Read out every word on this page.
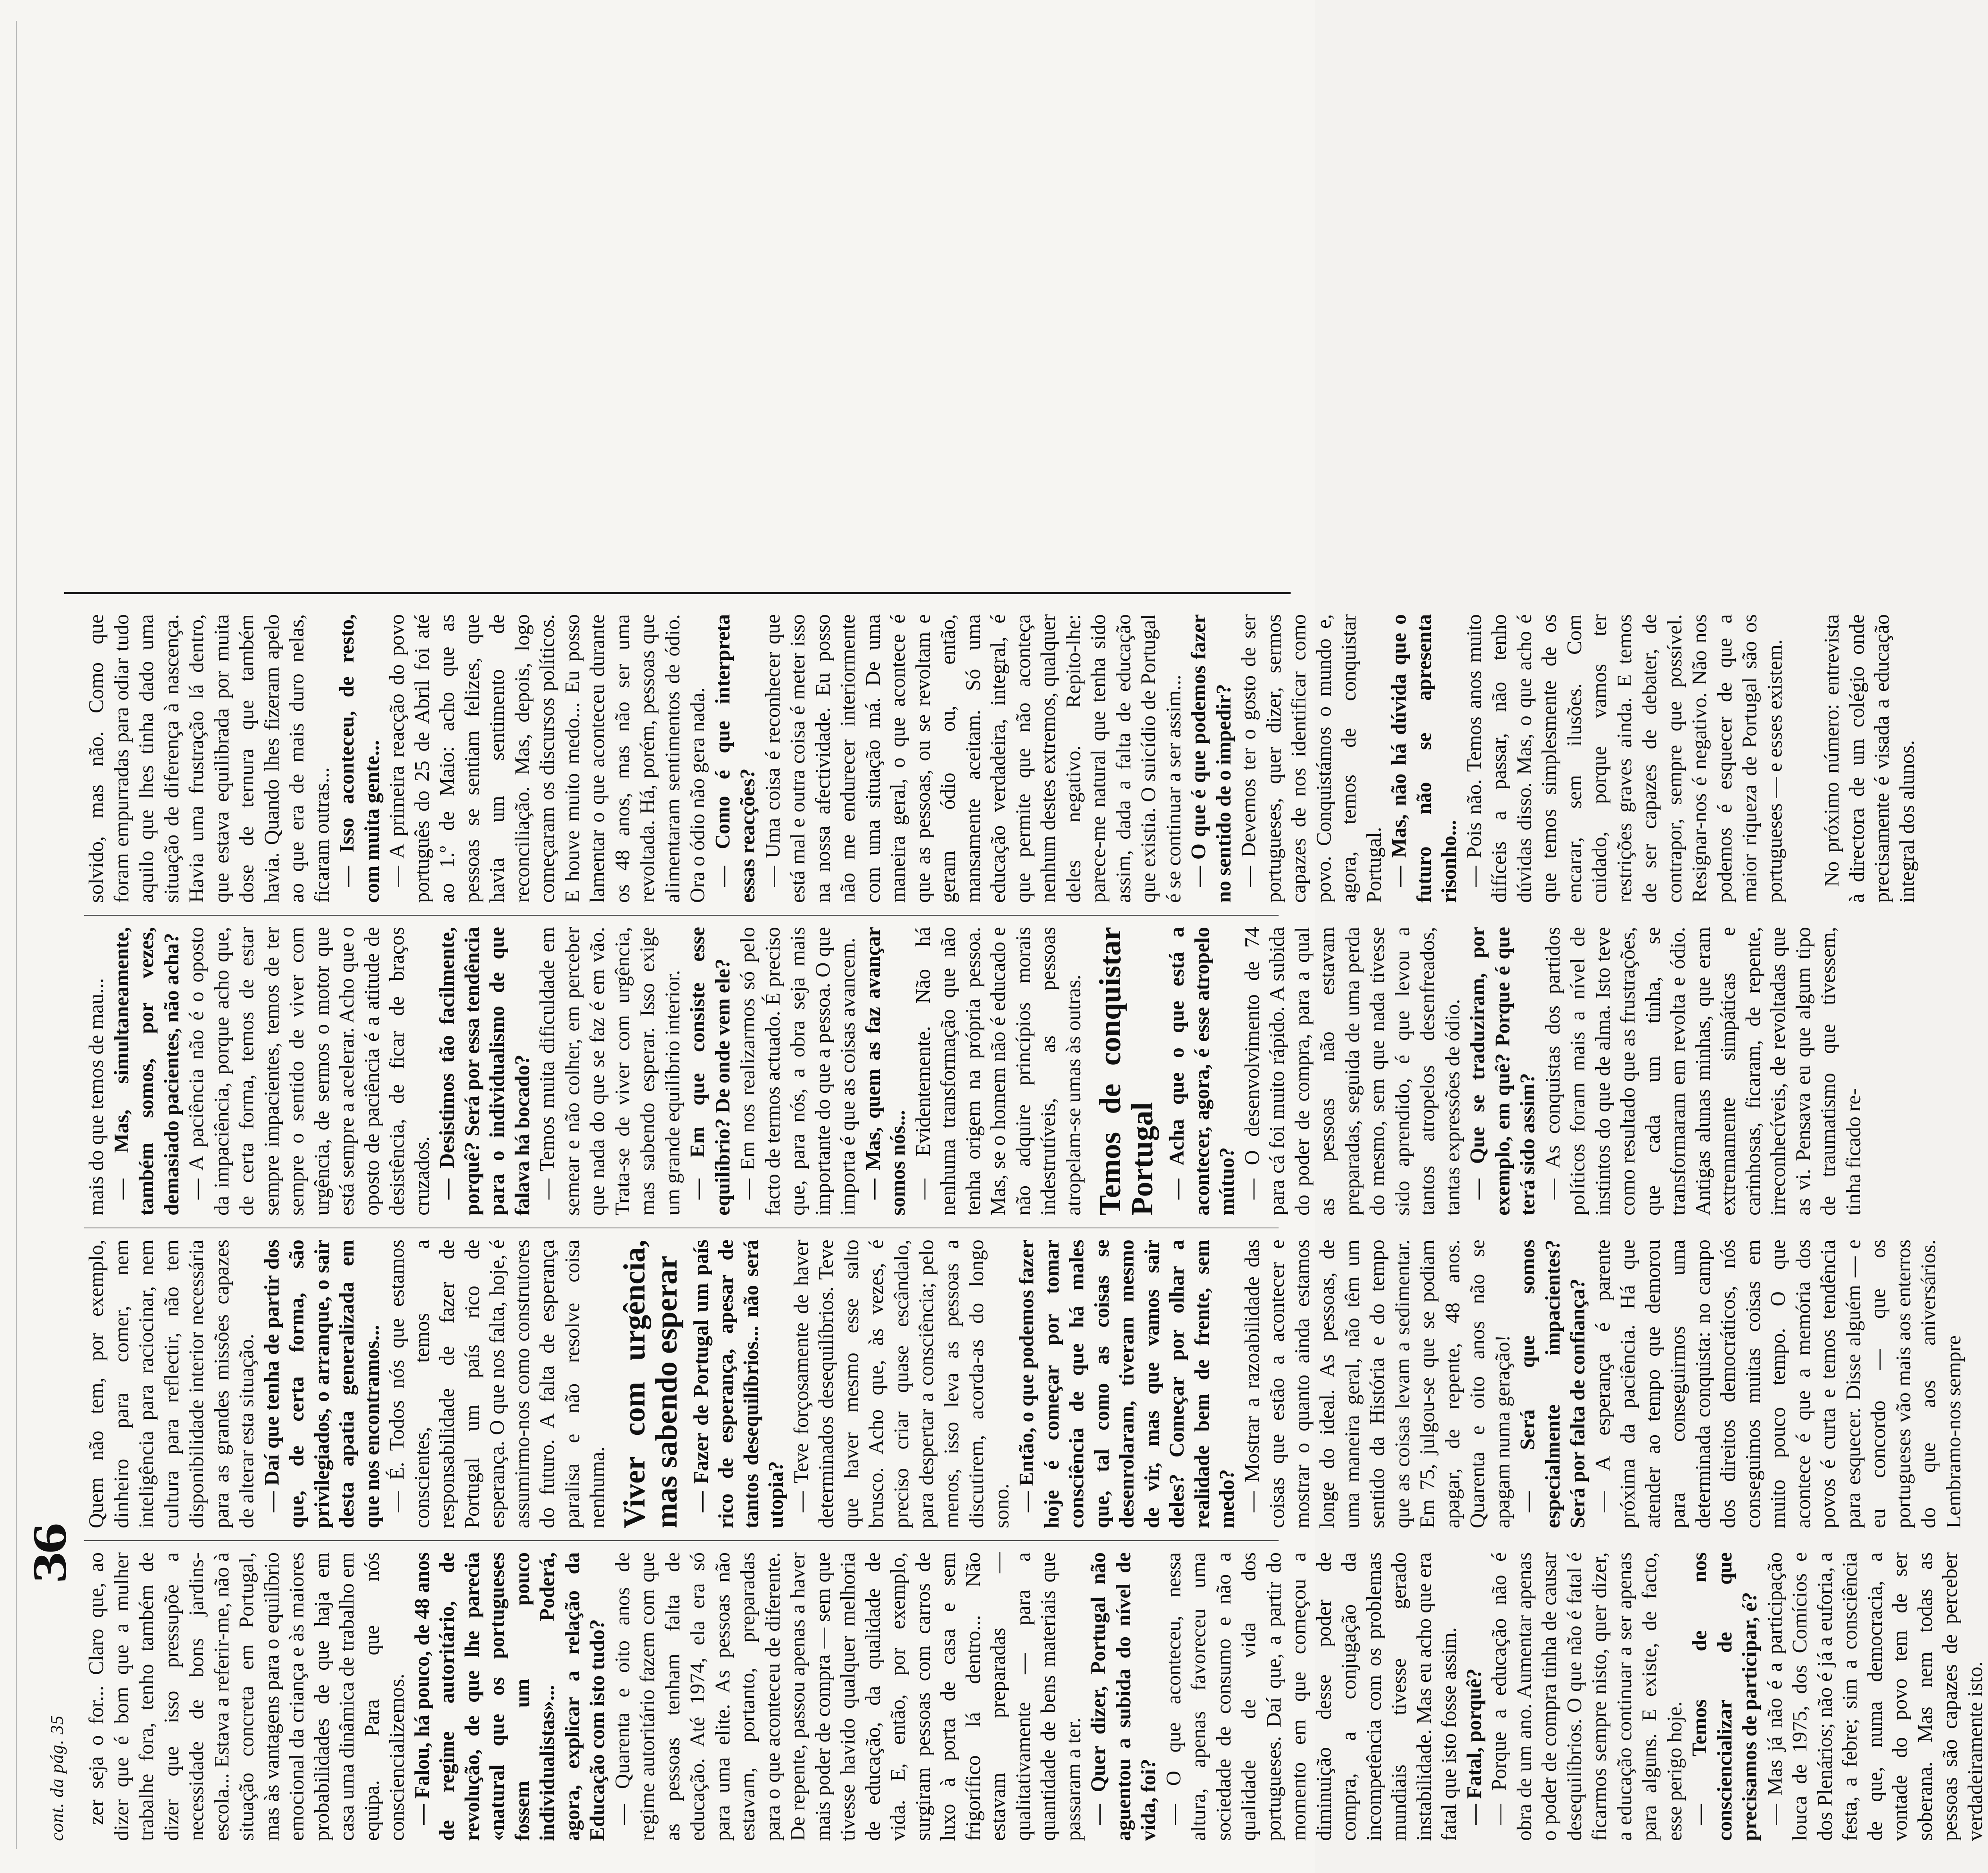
cont. da pág. 35
36 zer seja o for... Claro que, ao dizer que é bom que a mulher trabalhe fora, tenho também de dizer que isso pressupõe a necessidade de bons jardins-escola... Estava a referir-me, não à situação concreta em Portugal, mas às vantagens para o equilíbrio emocional da criança e às maiores probabilidades de que haja em casa uma dinâmica de trabalho em equipa. Para que nós consciencializemos. — Falou, há pouco, de 48 anos de regime autoritário, de revolução, de que lhe parecia «natural que os portugueses fossem um pouco individualistas»... Poderá, agora, explicar a relação da Educação com isto tudo? — Quarenta e oito anos de regime autoritário fazem com que as pessoas tenham falta de educação. Até 1974, ela era só para uma elite. As pessoas não estavam, portanto, preparadas para o que aconteceu de diferente. De repente, passou apenas a haver mais poder de compra — sem que tivesse havido qualquer melhoria de educação, da qualidade de vida. E, então, por exemplo, surgiram pessoas com carros de luxo à porta de casa e sem frigorífico lá dentro... Não estavam preparadas — qualitativamente — para a quantidade de bens materiais que passaram a ter. — Quer dizer, Portugal não aguentou a subida do nível de vida, foi? — O que aconteceu, nessa altura, apenas favoreceu uma sociedade de consumo e não a qualidade de vida dos portugueses. Daí que, a partir do momento em que começou a diminuição desse poder de compra, a conjugação da incompetência com os problemas mundiais tivesse gerado instabilidade. Mas eu acho que era fatal que isto fosse assim. — Fatal, porquê? — Porque a educação não é obra de um ano. Aumentar apenas o poder de compra tinha de causar desequilíbrios. O que não é fatal é ficarmos sempre nisto, quer dizer, a educação continuar a ser apenas para alguns. E existe, de facto, esse perigo hoje. — Temos de nos consciencializar de que precisamos de participar, é? — Mas já não é a participação louca de 1975, dos Comícios e dos Plenários; não é já a euforia, a festa, a febre; sim a consciência de que, numa democracia, a vontade do povo tem de ser soberana. Mas nem todas as pessoas são capazes de perceber verdadeiramente isto.

Quem não tem, por exemplo, dinheiro para comer, nem inteligência para raciocinar, nem cultura para reflectir, não tem disponibilidade interior necessária para as grandes missões capazes de alterar esta situação. — Daí que tenha de partir dos que, de certa forma, são privilegiados, o arranque, o sair desta apatia generalizada em que nos encontramos... — É. Todos nós que estamos conscientes, temos a responsabilidade de fazer de Portugal um país rico de esperança. O que nos falta, hoje, é assumirmo-nos como construtores do futuro. A falta de esperança paralisa e não resolve coisa nenhuma. Viver com urgência, mas sabendo esperar — Fazer de Portugal um país rico de esperança, apesar de tantos desequilíbrios... não será utopia? — Teve forçosamente de haver determinados desequilíbrios. Teve que haver mesmo esse salto brusco. Acho que, às vezes, é preciso criar quase escândalo, para despertar a consciência; pelo menos, isso leva as pessoas a discutirem, acorda-as do longo sono. — Então, o que podemos fazer hoje é começar por tomar consciência de que há males que, tal como as coisas se desenrolaram, tiveram mesmo de vir, mas que vamos sair deles? Começar por olhar a realidade bem de frente, sem medo? — Mostrar a razoabilidade das coisas que estão a acontecer e mostrar o quanto ainda estamos longe do ideal. As pessoas, de uma maneira geral, não têm um sentido da História e do tempo que as coisas levam a sedimentar. Em 75, julgou-se que se podiam apagar, de repente, 48 anos. Quarenta e oito anos não se apagam numa geração! — Será que somos especialmente impacientes? Será por falta de confiança? — A esperança é parente próxima da paciência. Há que atender ao tempo que demorou para conseguirmos uma determinada conquista: no campo dos direitos democráticos, nós conseguimos muitas coisas em muito pouco tempo. O que acontece é que a memória dos povos é curta e temos tendência para esquecer. Disse alguém — e eu concordo — que os portugueses vão mais aos enterros do que aos aniversários. Lembramo-nos sempre

mais do que temos de mau... — Mas, simultaneamente, também somos, por vezes, demasiado pacientes, não acha? — A paciência não é o oposto da impaciência, porque acho que, de certa forma, temos de estar sempre impacientes, temos de ter sempre o sentido de viver com urgência, de sermos o motor que está sempre a acelerar. Acho que o oposto de paciência é a atitude de desistência, de ficar de braços cruzados. — Desistimos tão facilmente, porquê? Será por essa tendência para o individualismo de que falava há bocado? — Temos muita dificuldade em semear e não colher, em perceber que nada do que se faz é em vão. Trata-se de viver com urgência, mas sabendo esperar. Isso exige um grande equilíbrio interior. — Em que consiste esse equilíbrio? De onde vem ele? — Em nos realizarmos só pelo facto de termos actuado. É preciso que, para nós, a obra seja mais importante do que a pessoa. O que importa é que as coisas avancem. — Mas, quem as faz avançar somos nós... — Evidentemente. Não há nenhuma transformação que não tenha origem na própria pessoa. Mas, se o homem não é educado e não adquire princípios morais indestrutíveis, as pessoas atropelam-se umas às outras. Temos de conquistar Portugal — Acha que o que está a acontecer, agora, é esse atropelo mútuo? — O desenvolvimento de 74 para cá foi muito rápido. A subida do poder de compra, para a qual as pessoas não estavam preparadas, seguida de uma perda do mesmo, sem que nada tivesse sido aprendido, é que levou a tantos atropelos desenfreados, tantas expressões de ódio. — Que se traduziram, por exemplo, em quê? Porque é que terá sido assim? — As conquistas dos partidos políticos foram mais a nível de instintos do que de alma. Isto teve como resultado que as frustrações, que cada um tinha, se transformaram em revolta e ódio. Antigas alunas minhas, que eram extremamente simpáticas e carinhosas, ficaram, de repente, irreconhecíveis, de revoltadas que as vi. Pensava eu que algum tipo de traumatismo que tivessem, tinha ficado re-

solvido, mas não. Como que foram empurradas para odiar tudo aquilo que lhes tinha dado uma situação de diferença à nascença. Havia uma frustração lá dentro, que estava equilibrada por muita dose de ternura que também havia. Quando lhes fizeram apelo ao que era de mais duro nelas, ficaram outras... — Isso aconteceu, de resto, com muita gente... — A primeira reacção do povo português do 25 de Abril foi até ao 1.º de Maio: acho que as pessoas se sentiam felizes, que havia um sentimento de reconciliação. Mas, depois, logo começaram os discursos políticos. E houve muito medo... Eu posso lamentar o que aconteceu durante os 48 anos, mas não ser uma revoltada. Há, porém, pessoas que alimentaram sentimentos de ódio. Ora o ódio não gera nada. — Como é que interpreta essas reacções? — Uma coisa é reconhecer que está mal e outra coisa é meter isso na nossa afectividade. Eu posso não me endurecer interiormente com uma situação má. De uma maneira geral, o que acontece é que as pessoas, ou se revoltam e geram ódio ou, então, mansamente aceitam. Só uma educação verdadeira, integral, é que permite que não aconteça nenhum destes extremos, qualquer deles negativo. Repito-lhe: parece-me natural que tenha sido assim, dada a falta de educação que existia. O suicídio de Portugal é se continuar a ser assim... — O que é que podemos fazer no sentido de o impedir? — Devemos ter o gosto de ser portugueses, quer dizer, sermos capazes de nos identificar como povo. Conquistámos o mundo e, agora, temos de conquistar Portugal. — Mas, não há dúvida que o futuro não se apresenta risonho... — Pois não. Temos anos muito difíceis a passar, não tenho dúvidas disso. Mas, o que acho é que temos simplesmente de os encarar, sem ilusões. Com cuidado, porque vamos ter restrições graves ainda. E temos de ser capazes de debater, de contrapor, sempre que possível. Resignar-nos é negativo. Não nos podemos é esquecer de que a maior riqueza de Portugal são os portugueses — e esses existem. No próximo número: entrevista à directora de um colégio onde precisamente é visada a educação integral dos alunos.
